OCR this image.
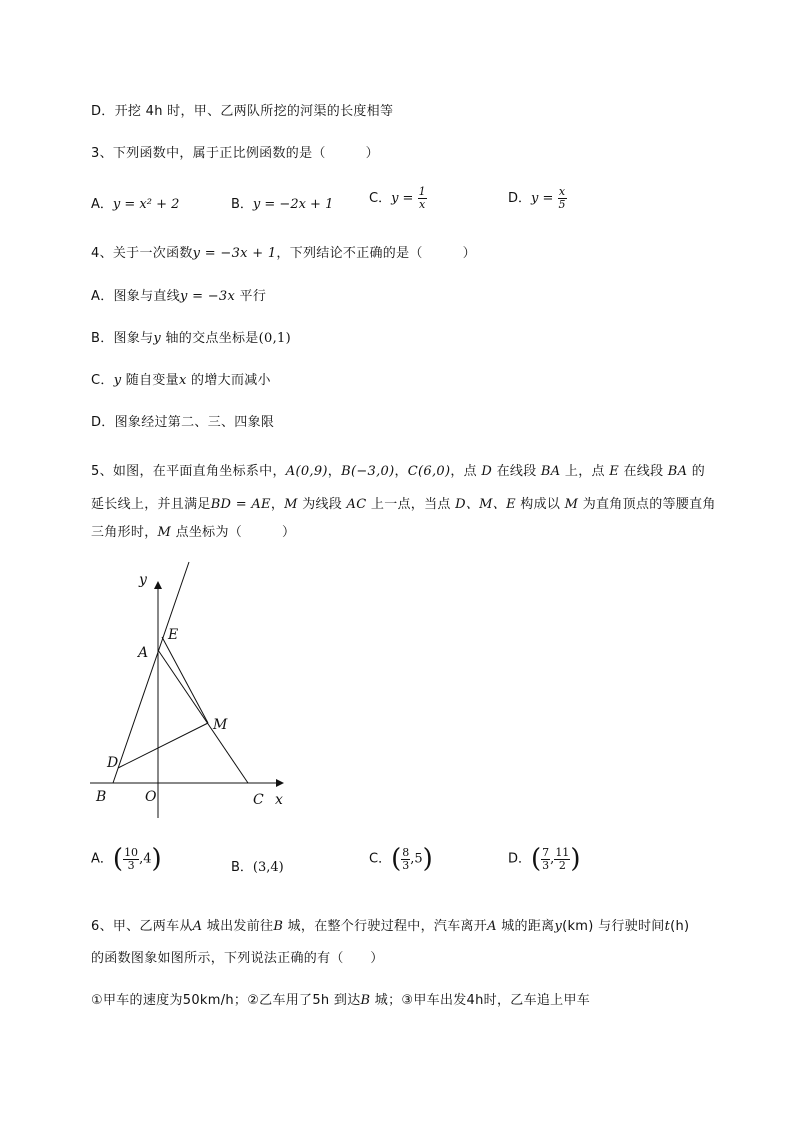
D．开挖 4h 时，甲、乙两队所挖的河渠的长度相等
3、下列函数中，属于正比例函数的是（　　　）
A．y = x² + 2	B．y = −2x + 1	C．$y = \frac{1}{x}$	D．$y = \frac{x}{5}$
4、关于一次函数y = −3x + 1，下列结论不正确的是（　　　）
A．图象与直线y = −3x 平行
B．图象与y 轴的交点坐标是(0,1)
C．y 随自变量x 的增大而减小
D．图象经过第二、三、四象限
5、如图，在平面直角坐标系中，A(0,9)，B(−3,0)，C(6,0)，点 D 在线段 BA 上，点 E 在线段 BA 的
延长线上，并且满足BD = AE，M 为线段 AC 上一点，当点 D、M、E 构成以 M 为直角顶点的等腰直角
三角形时，M 点坐标为（　　　）
y
x
E
A
M
D
B	O	C
A．( $\frac{10}{3} ,4$)	B．(3,4)
C．( $\frac{8}{3} ,5$)	D．( $\frac{7}{3}$ , $\frac{11}{2}$ )
6、甲、乙两车从A 城出发前往B 城，在整个行驶过程中，汽车离开A 城的距离y(km) 与行驶时间t(h)
的函数图象如图所示，下列说法正确的有（　　）
①甲车的速度为50km/h；②乙车用了5h 到达B 城；③甲车出发4h时，乙车追上甲车
